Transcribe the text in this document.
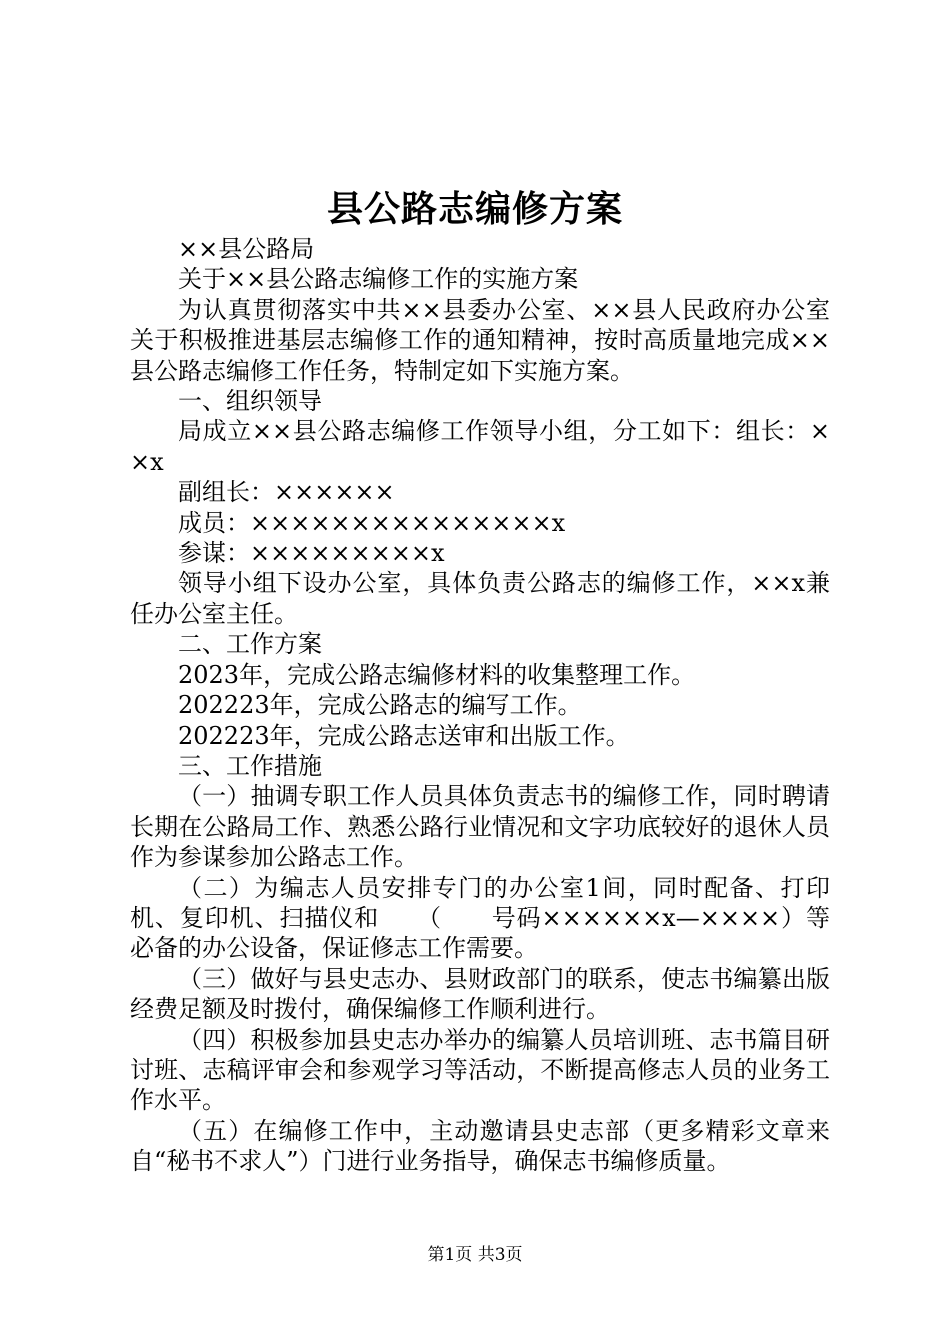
县公路志编修方案

××县公路局

关于××县公路志编修工作的实施方案

为认真贯彻落实中共××县委办公室、××县人民政府办公室关于积极推进基层志编修工作的通知精神，按时高质量地完成××县公路志编修工作任务，特制定如下实施方案。

一、组织领导

局成立××县公路志编修工作领导小组，分工如下：组长：××x

副组长：××××××

成员：×××××××××××××××x

参谋：×××××××××x

领导小组下设办公室，具体负责公路志的编修工作，××x兼任办公室主任。

二、工作方案

2023年，完成公路志编修材料的收集整理工作。

202223年，完成公路志的编写工作。

202223年，完成公路志送审和出版工作。

三、工作措施

（一）抽调专职工作人员具体负责志书的编修工作，同时聘请长期在公路局工作、熟悉公路行业情况和文字功底较好的退休人员作为参谋参加公路志工作。

（二）为编志人员安排专门的办公室1间，同时配备、打印机、复印机、扫描仪和　　（　　号码××××××x—××××）等必备的办公设备，保证修志工作需要。

（三）做好与县史志办、县财政部门的联系，使志书编纂出版经费足额及时拨付，确保编修工作顺利进行。

（四）积极参加县史志办举办的编纂人员培训班、志书篇目研讨班、志稿评审会和参观学习等活动，不断提高修志人员的业务工作水平。

（五）在编修工作中，主动邀请县史志部（更多精彩文章来自“秘书不求人”）门进行业务指导，确保志书编修质量。

第1页 共3页
